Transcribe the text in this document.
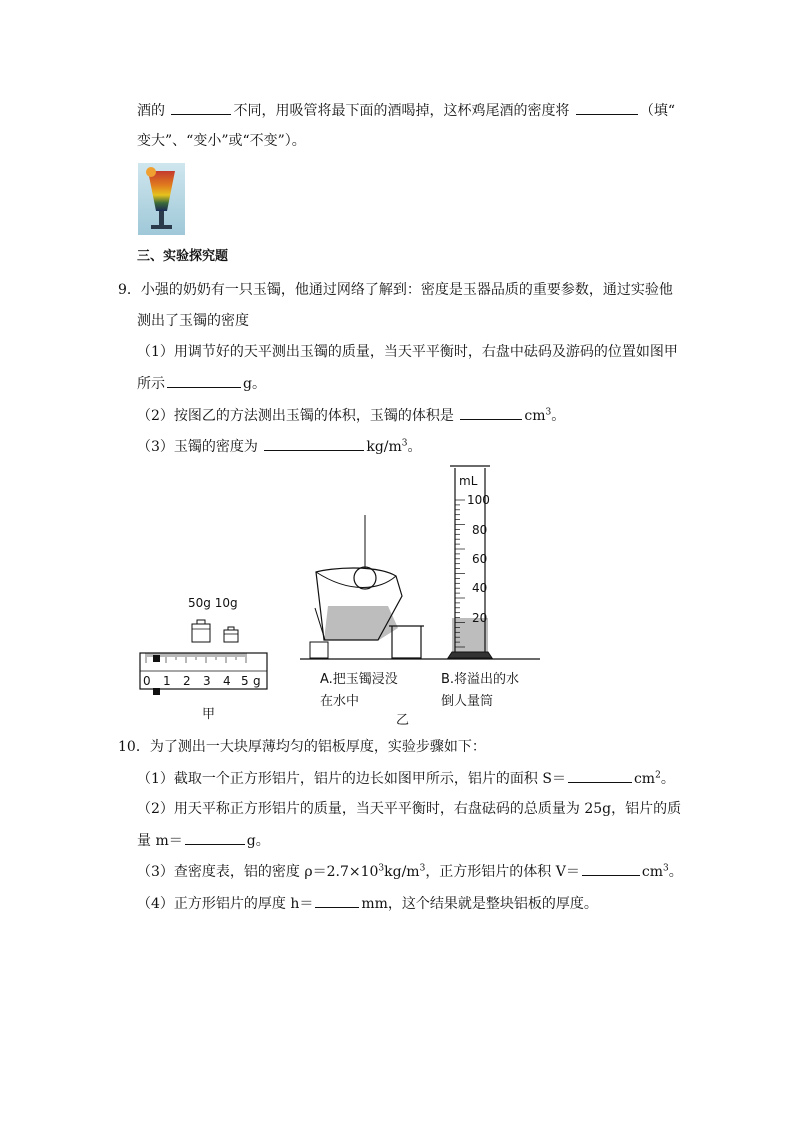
酒的	不同，用吸管将最下面的酒喝掉，这杯鸡尾酒的密度将	（填“
变大”、“变小”或“不变”）。
三、实验探究题
9．小强的奶奶有一只玉镯，他通过网络了解到：密度是玉器品质的重要参数，通过实验他
测出了玉镯的密度
（1）用调节好的天平测出玉镯的质量，当天平平衡时，右盘中砝码及游码的位置如图甲
所示	g。
（2）按图乙的方法测出玉镯的体积，玉镯的体积是	$cm^3$。
（3）玉镯的密度为	$kg/m^3$。
50g 10g
0 1 2 3 4 5 g
甲
mL
100
80
60
40
20
A.把玉镯浸没
在水中
B.将溢出的水
倒人量筒
乙
10．为了测出一大块厚薄均匀的铝板厚度，实验步骤如下：
（1）截取一个正方形铝片，铝片的边长如图甲所示，铝片的面积 S＝	$cm^2$。
（2）用天平称正方形铝片的质量，当天平平衡时，右盘砝码的总质量为 25g，铝片的质
量 m＝	g。
（3）查密度表，铝的密度 $\rho=2.7\times 10^3kg/m^3$，正方形铝片的体积 V＝	$cm^3$。
（4）正方形铝片的厚度 h＝	mm，这个结果就是整块铝板的厚度。
